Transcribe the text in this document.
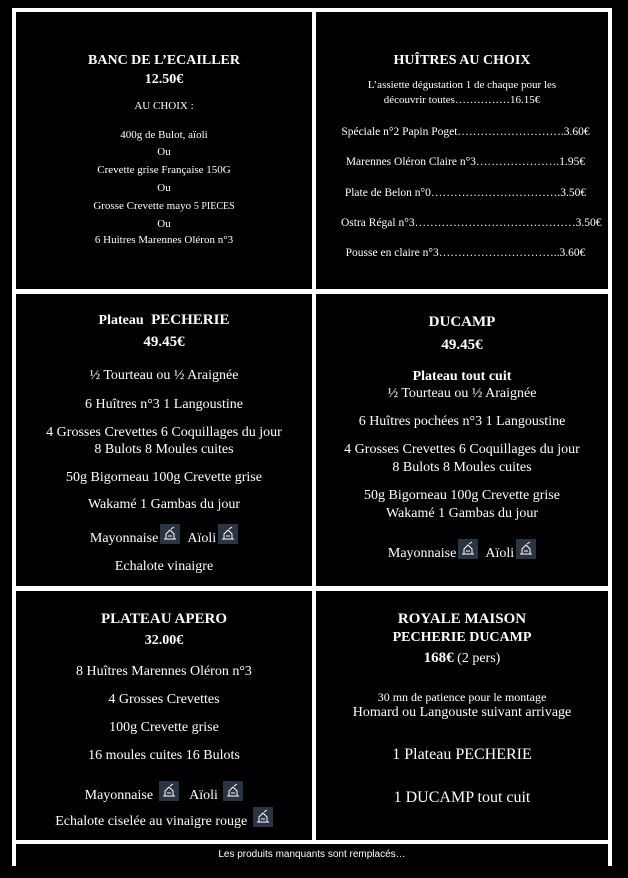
BANC DE L’ECAILLER
12.50€
AU CHOIX :
400g de Bulot, aïoli
Ou
Crevette grise Française 150G
Ou
Grosse Crevette mayo 5 PIECES
Ou
6 Huitres Marennes Oléron n°3
HUÎTRES AU CHOIX
L’assiette dégustation 1 de chaque pour les
découvrir toutes……………16.15€
Spéciale n°2 Papin Poget……………………….3.60€
Marennes Oléron Claire n°3………………….1.95€
Plate de Belon n°0…………………………….3.50€
Ostra Régal n°3……………………………………3.50€
Pousse en claire n°3…………………………..3.60€
Plateau PECHERIE
49.45€
½ Tourteau ou ½ Araignée
6 Huîtres n°3 1 Langoustine
4 Grosses Crevettes 6 Coquillages du jour
8 Bulots 8 Moules cuites
50g Bigorneau 100g Crevette grise
Wakamé 1 Gambas du jour
Mayonnaise Aïoli
Echalote vinaigre
DUCAMP
49.45€
Plateau tout cuit
½ Tourteau ou ½ Araignée
6 Huîtres pochées n°3 1 Langoustine
4 Grosses Crevettes 6 Coquillages du jour
8 Bulots 8 Moules cuites
50g Bigorneau 100g Crevette grise
Wakamé 1 Gambas du jour
Mayonnaise Aïoli
PLATEAU APERO
32.00€
8 Huîtres Marennes Oléron n°3
4 Grosses Crevettes
100g Crevette grise
16 moules cuites 16 Bulots
Mayonnaise	Aïoli
Echalote ciselée au vinaigre rouge
ROYALE MAISON
PECHERIE DUCAMP
168€ (2 pers)
30 mn de patience pour le montage
Homard ou Langouste suivant arrivage
1 Plateau PECHERIE
1 DUCAMP tout cuit
Les produits manquants sont remplacés…
